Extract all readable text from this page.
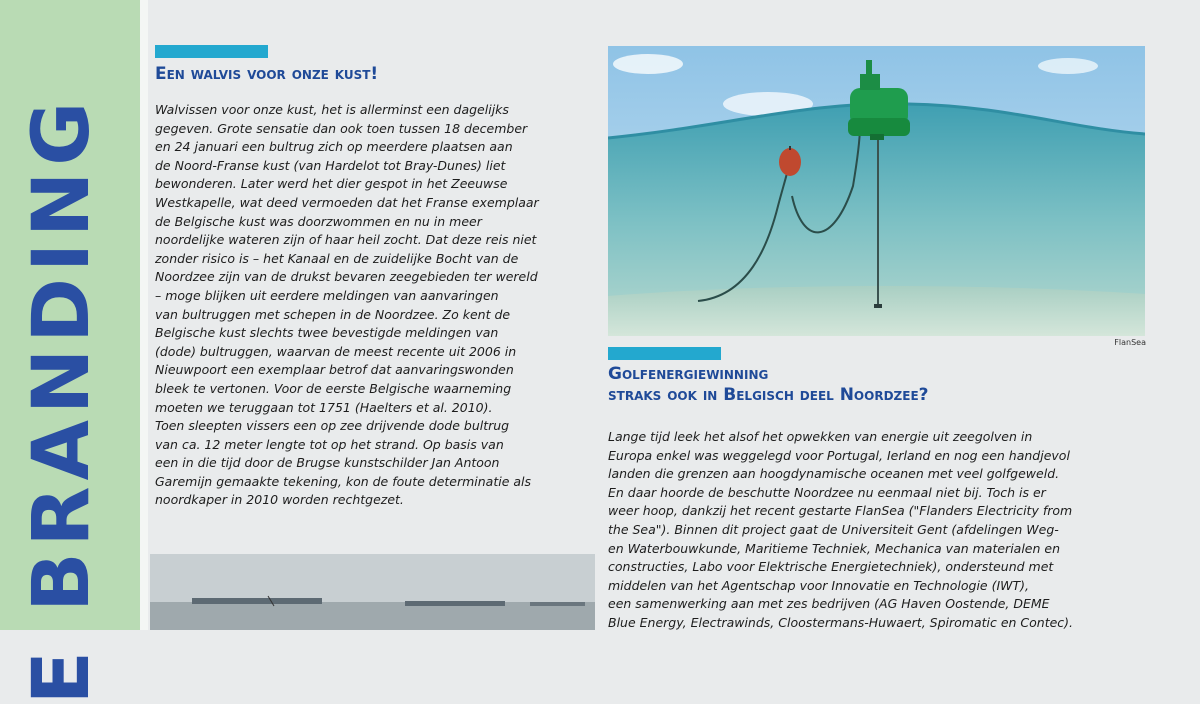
E BRANDING
Een walvis voor onze kust!
Walvissen voor onze kust, het is allerminst een dagelijks
gegeven. Grote sensatie dan ook toen tussen 18 december
en 24 januari een bultrug zich op meerdere plaatsen aan
de Noord-Franse kust (van Hardelot tot Bray-Dunes) liet
bewonderen. Later werd het dier gespot in het Zeeuwse
Westkapelle, wat deed vermoeden dat het Franse exemplaar
de Belgische kust was doorzwommen en nu in meer
noordelijke wateren zijn of haar heil zocht. Dat deze reis niet
zonder risico is – het Kanaal en de zuidelijke Bocht van de
Noordzee zijn van de drukst bevaren zeegebieden ter wereld
– moge blijken uit eerdere meldingen van aanvaringen
van bultruggen met schepen in de Noordzee. Zo kent de
Belgische kust slechts twee bevestigde meldingen van
(dode) bultruggen, waarvan de meest recente uit 2006 in
Nieuwpoort een exemplaar betrof dat aanvaringswonden
bleek te vertonen. Voor de eerste Belgische waarneming
moeten we teruggaan tot 1751 (Haelters et al. 2010).
Toen sleepten vissers een op zee drijvende dode bultrug
van ca. 12 meter lengte tot op het strand. Op basis van
een in die tijd door de Brugse kunstschilder Jan Antoon
Garemijn gemaakte tekening, kon de foute determinatie als
noordkaper in 2010 worden rechtgezet.
FlanSea
Golfenergiewinning
straks ook in Belgisch deel Noordzee?
Lange tijd leek het alsof het opwekken van energie uit zeegolven in
Europa enkel was weggelegd voor Portugal, Ierland en nog een handjevol
landen die grenzen aan hoogdynamische oceanen met veel golfgeweld.
En daar hoorde de beschutte Noordzee nu eenmaal niet bij. Toch is er
weer hoop, dankzij het recent gestarte FlanSea ("Flanders Electricity from
the Sea"). Binnen dit project gaat de Universiteit Gent (afdelingen Weg-
en Waterbouwkunde, Maritieme Techniek, Mechanica van materialen en
constructies, Labo voor Elektrische Energietechniek), ondersteund met
middelen van het Agentschap voor Innovatie en Technologie (IWT),
een samenwerking aan met zes bedrijven (AG Haven Oostende, DEME
Blue Energy, Electrawinds, Cloostermans-Huwaert, Spiromatic en Contec).
